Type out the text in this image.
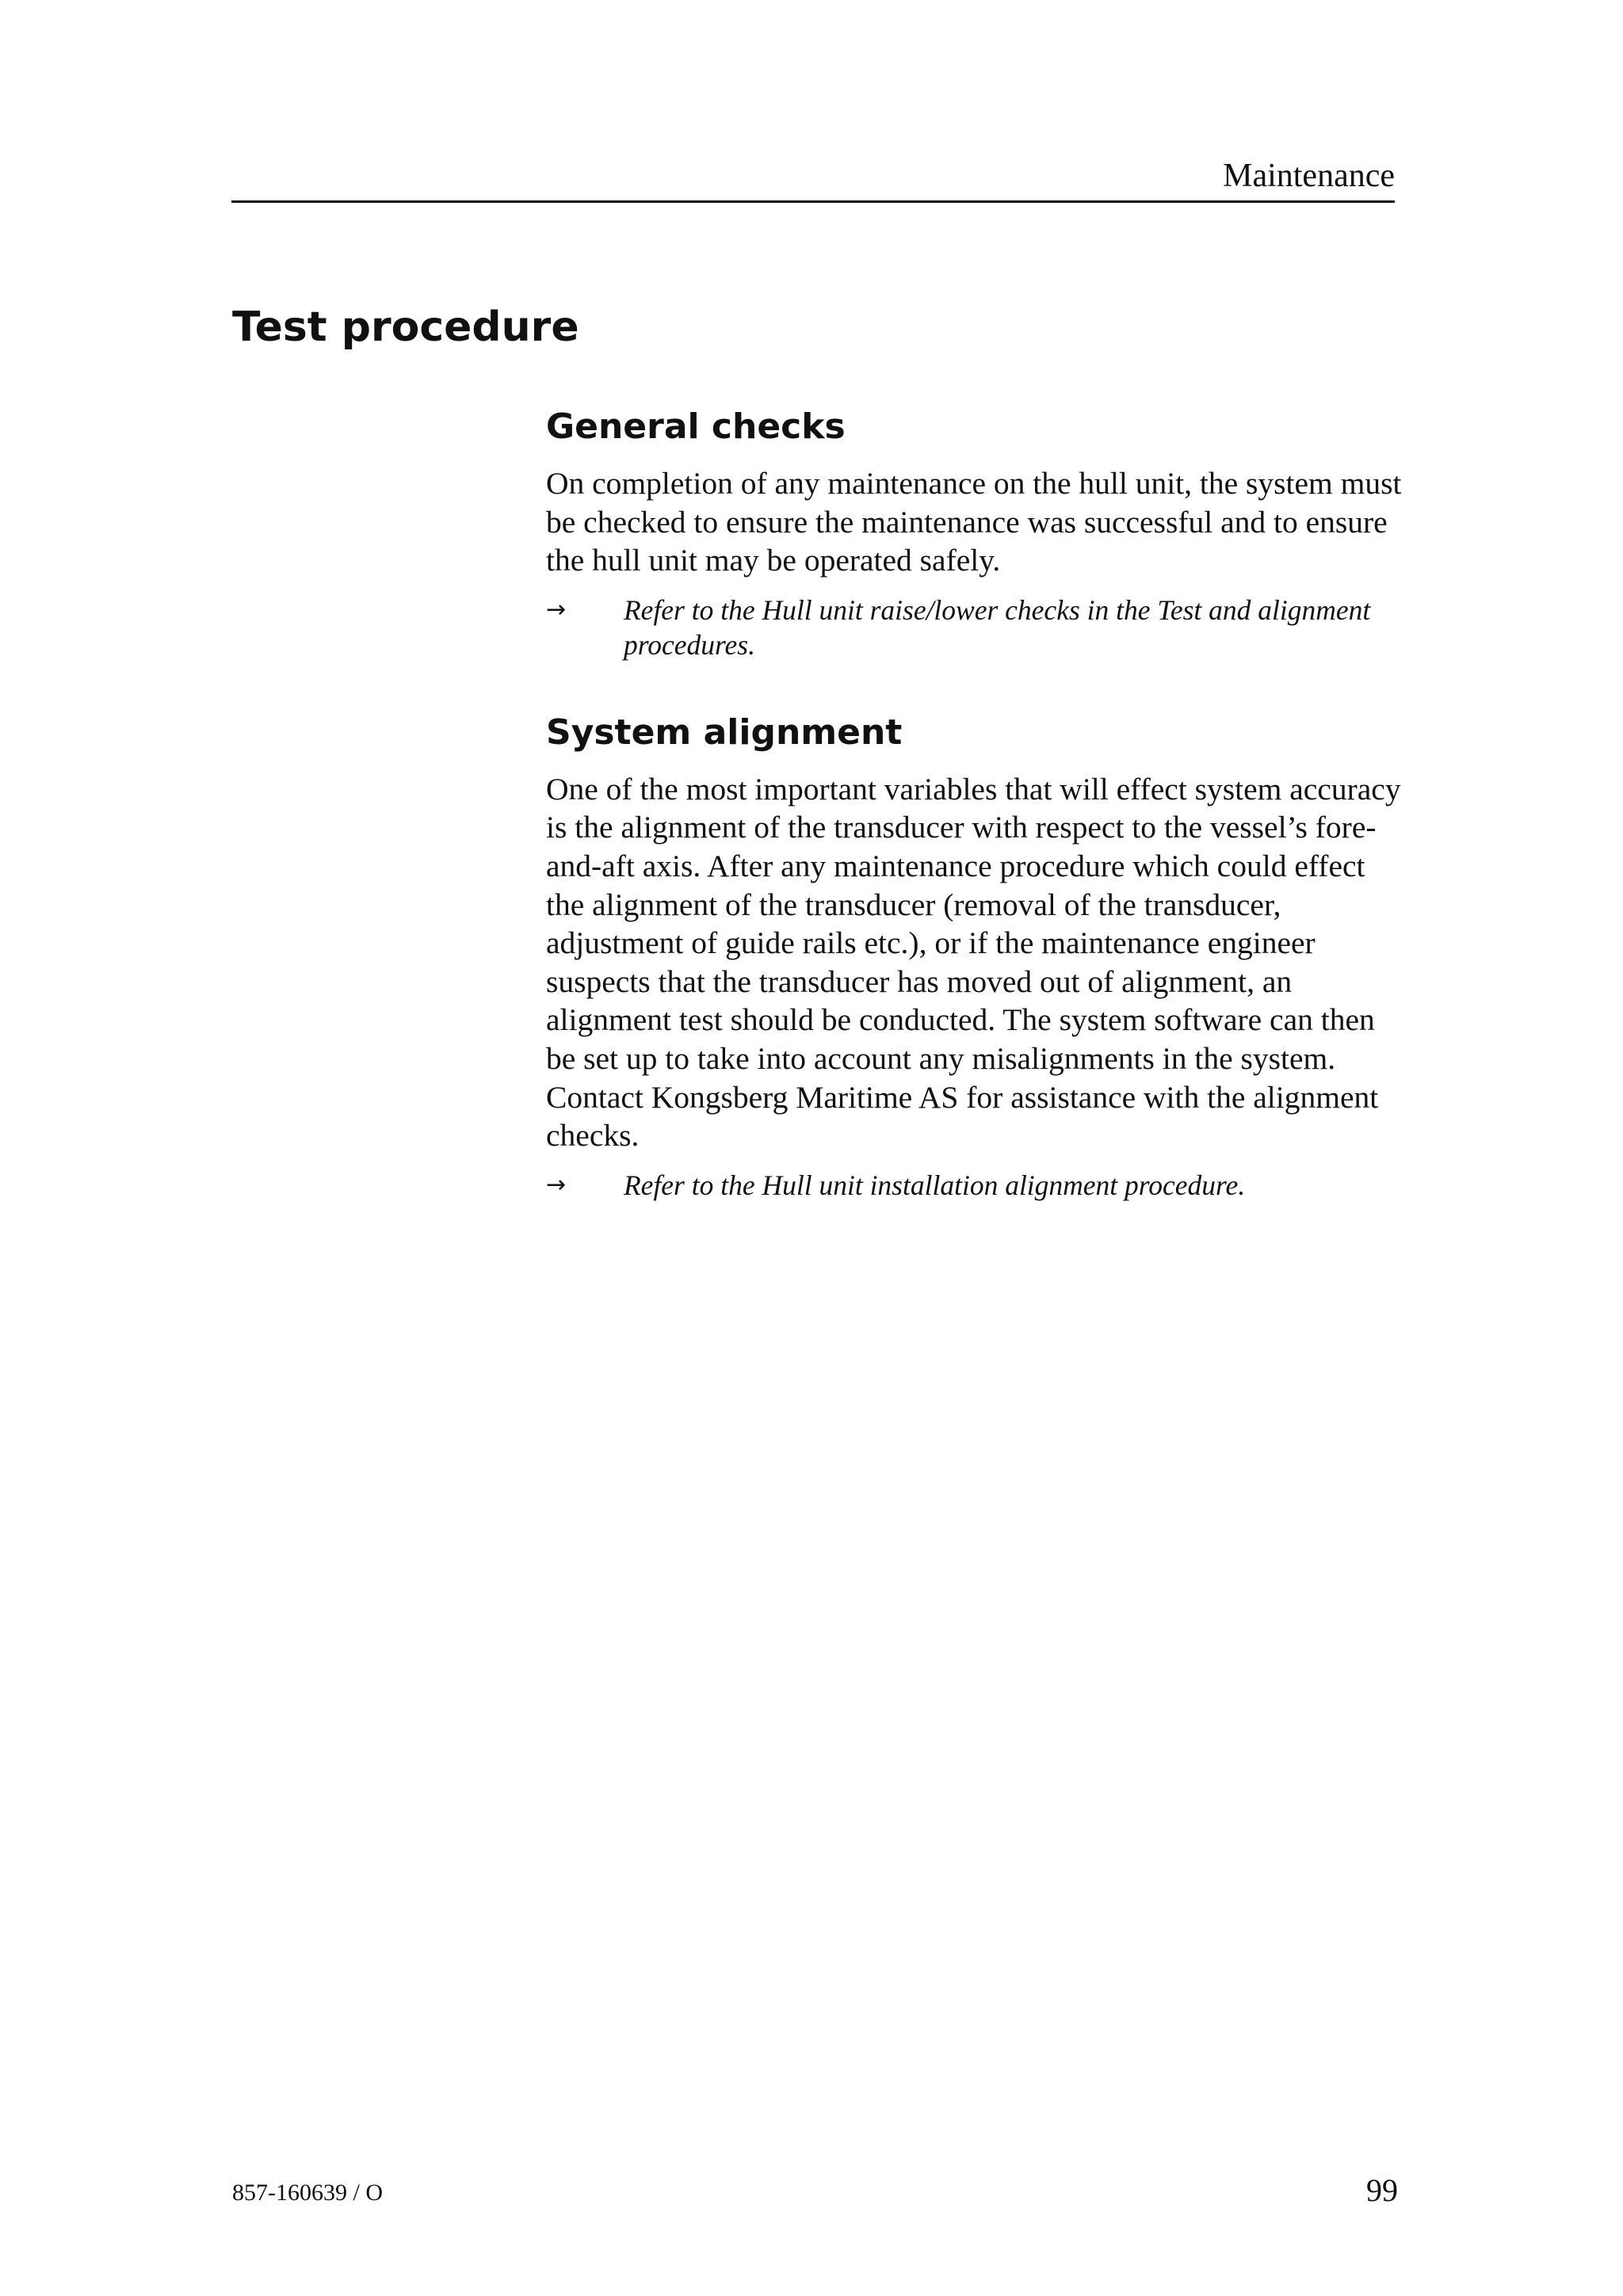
Maintenance
Test procedure
General checks

On completion of any maintenance on the hull unit, the system must be checked to ensure the maintenance was successful and to ensure the hull unit may be operated safely.

→ Refer to the Hull unit raise/lower checks in the Test and alignment procedures.
System alignment

One of the most important variables that will effect system accuracy is the alignment of the transducer with respect to the vessel’s fore-and-aft axis. After any maintenance procedure which could effect the alignment of the transducer (removal of the transducer, adjustment of guide rails etc.), or if the maintenance engineer suspects that the transducer has moved out of alignment, an alignment test should be conducted. The system software can then be set up to take into account any misalignments in the system. Contact Kongsberg Maritime AS for assistance with the alignment checks.

→ Refer to the Hull unit installation alignment procedure.
857-160639 / O	99
